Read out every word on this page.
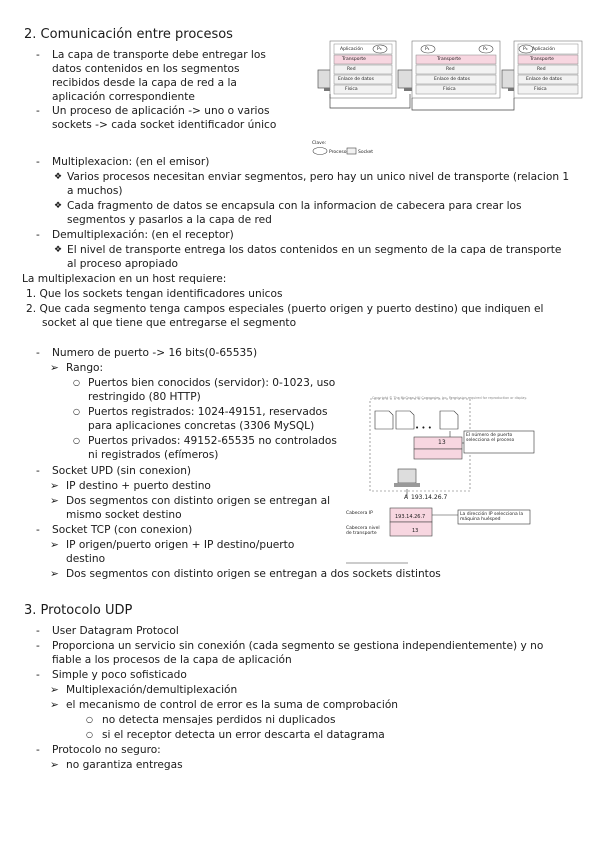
2. Comunicación entre procesos
- La capa de transporte debe entregar los
datos contenidos en los segmentos
recibidos desde la capa de red a la
aplicación correspondiente
- Un proceso de aplicación -> uno o varios
sockets -> cada socket identificador único
- Multiplexacion: (en el emisor)
❖ Varios procesos necesitan enviar segmentos, pero hay un unico nivel de transporte (relacion 1
a muchos)
❖ Cada fragmento de datos se encapsula con la informacion de cabecera para crear los
segmentos y pasarlos a la capa de red
- Demultiplexación: (en el receptor)
❖ El nivel de transporte entrega los datos contenidos en un segmento de la capa de transporte
al proceso apropiado
La multiplexacion en un host requiere:
1. Que los sockets tengan identificadores unicos
2. Que cada segmento tenga campos especiales (puerto origen y puerto destino) que indiquen el
socket al que tiene que entregarse el segmento
- Numero de puerto -> 16 bits(0-65535)
➢ Rango:
○ Puertos bien conocidos (servidor): 0-1023, uso
restringido (80 HTTP)
○ Puertos registrados: 1024-49151, reservados
para aplicaciones concretas (3306 MySQL)
○ Puertos privados: 49152-65535 no controlados
ni registrados (efímeros)
- Socket UPD (sin conexion)
➢ IP destino + puerto destino
➢ Dos segmentos con distinto origen se entregan al
mismo socket destino
- Socket TCP (con conexion)
➢ IP origen/puerto origen + IP destino/puerto
destino
➢ Dos segmentos con distinto origen se entregan a dos sockets distintos
3. Protocolo UDP
- User Datagram Protocol
- Proporciona un servicio sin conexión (cada segmento se gestiona independientemente) y no
fiable a los procesos de la capa de aplicación
- Simple y poco sofisticado
➢ Multiplexación/demultiplexación
➢ el mecanismo de control de error es la suma de comprobación
○ no detecta mensajes perdidos ni duplicados
○ si el receptor detecta un error descarta el datagrama
- Protocolo no seguro:
➢ no garantiza entregas
Aplicación
Transporte
Red
Enlace de datos
Física
P₃	P₁	P₂	P₄
Transporte
Red
Enlace de datos
Física
Aplicación
Transporte
Red
Enlace de datos
Física
Clave:
Proceso	Socket
Copyright © The McGraw-Hill Companies, Inc. Permission required for reproduction or display.
• • •
13
El número de puerto selecciona el proceso
A 193.14.26.7
Cabecera IP
Cabecera nivel de transporte
193.14.26.7
13
La dirección IP selecciona la máquina huésped
